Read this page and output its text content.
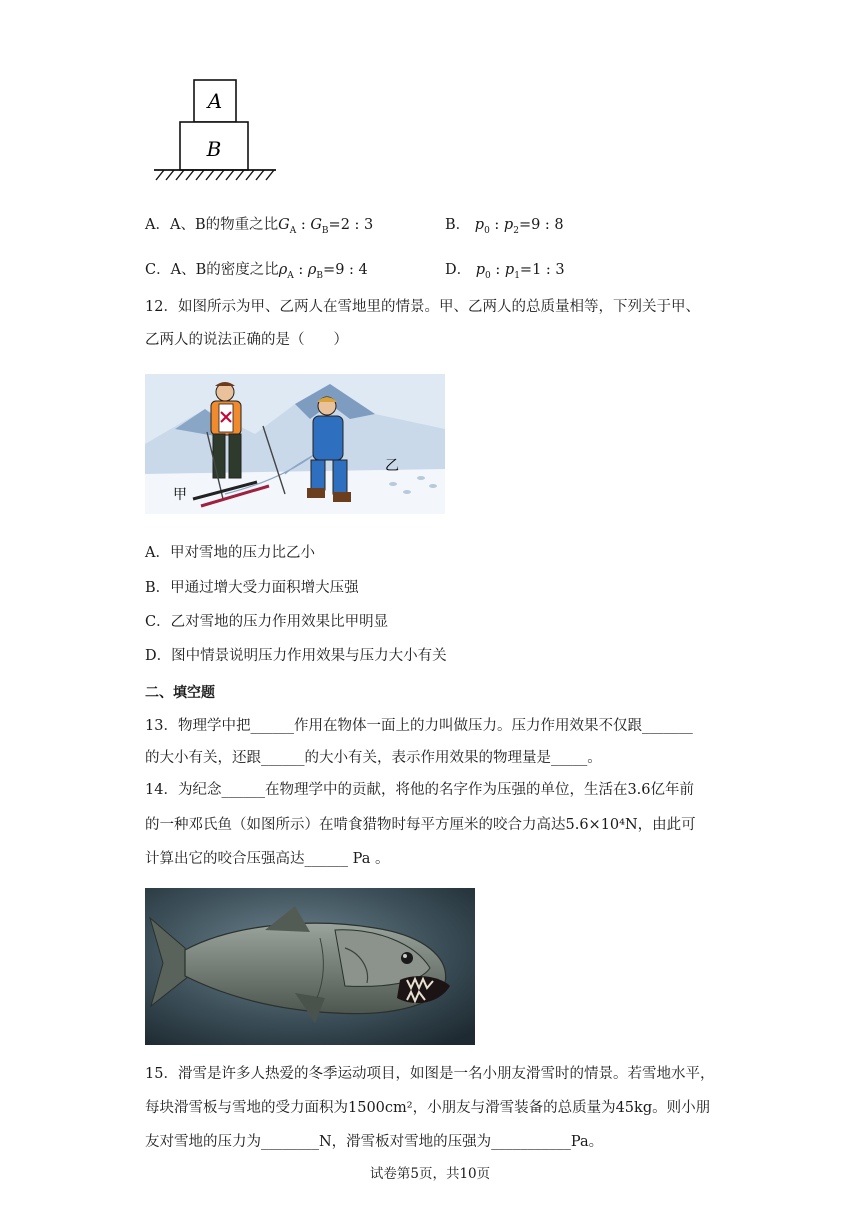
A
B
A．A、B的物重之比$G_A$ : $G_B=2$ : 3	B． $p_0$ : $p_2=9$ : 8
C．A、B的密度之比$\rho_A$ : $\rho_B=9$ : 4	D． $p_0$ : $p_1=1$ : 3
12．如图所示为甲、乙两人在雪地里的情景。甲、乙两人的总质量相等，下列关于甲、
乙两人的说法正确的是（　　）
甲
乙
A．甲对雪地的压力比乙小
B．甲通过增大受力面积增大压强
C．乙对雪地的压力作用效果比甲明显
D．图中情景说明压力作用效果与压力大小有关
二、填空题
13．物理学中把______作用在物体一面上的力叫做压力。压力作用效果不仅跟_______
的大小有关，还跟______的大小有关，表示作用效果的物理量是_____。
14．为纪念______在物理学中的贡献，将他的名字作为压强的单位，生活在3.6亿年前
的一种邓氏鱼（如图所示）在啃食猎物时每平方厘米的咬合力高达5.6×10⁴N，由此可
计算出它的咬合压强高达______ Pa 。
15．滑雪是许多人热爱的冬季运动项目，如图是一名小朋友滑雪时的情景。若雪地水平，
每块滑雪板与雪地的受力面积为1500cm²，小朋友与滑雪装备的总质量为45kg。则小朋
友对雪地的压力为________N，滑雪板对雪地的压强为___________Pa。
试卷第5页，共10页
